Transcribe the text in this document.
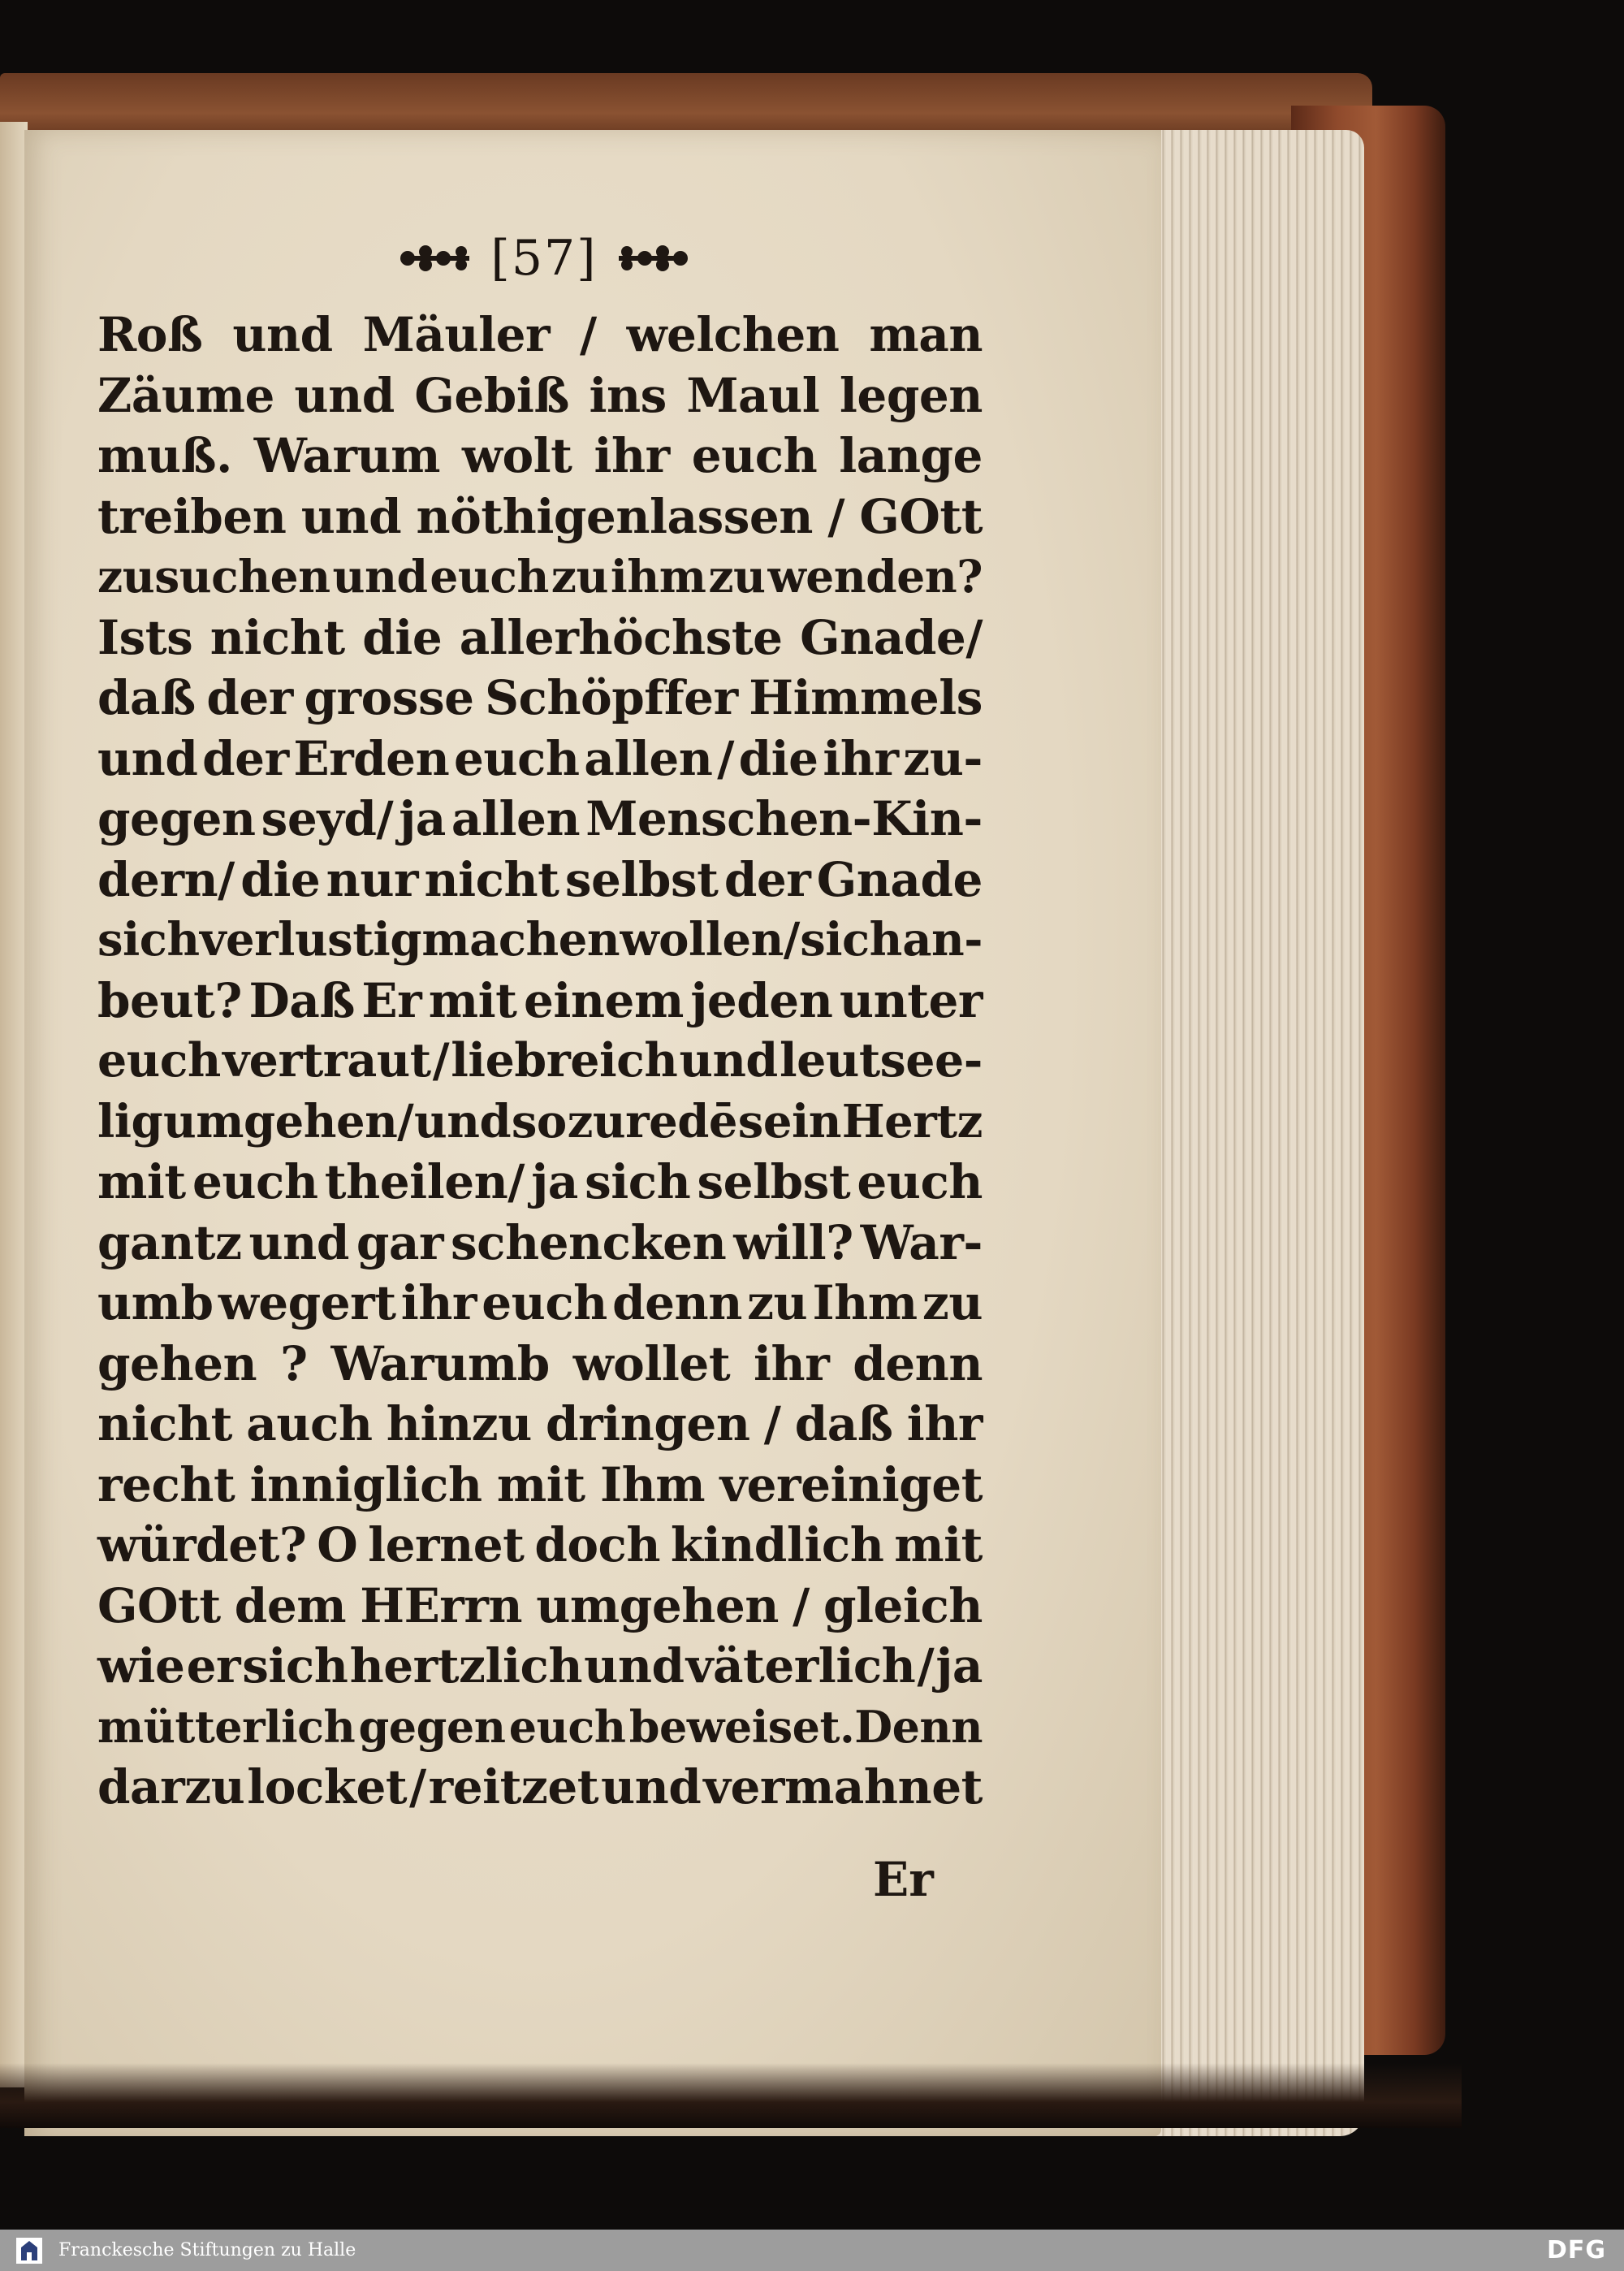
[57]
Roß und Mäuler / welchen man
Zäume und Gebiß ins Maul legen
muß. Warum wolt ihr euch lange
treiben und nöthigenlassen / GOtt
zusuchen und euch zu ihm zu wenden?
Ists nicht die allerhöchste Gnade/
daß der grosse Schöpffer Himmels
und der Erden euch allen / die ihr zu-
gegen seyd/ ja allen Menschen-Kin-
dern/ die nur nicht selbst der Gnade
sich verlustig machen wollen/ sich an-
beut? Daß Er mit einem jeden unter
euch vertraut / liebreich und leutsee-
lig umgehen/ und so zuredē sein Hertz
mit euch theilen/ ja sich selbst euch
gantz und gar schencken will? War-
umb wegert ihr euch denn zu Ihm zu
gehen ? Warumb wollet ihr denn
nicht auch hinzu dringen / daß ihr
recht inniglich mit Ihm vereiniget
würdet? O lernet doch kindlich mit
GOtt dem HErrn umgehen / gleich
wie er sich hertzlich und väterlich / ja
mütterlich gegen euch beweiset.Denn
darzu locket / reitzet und vermahnet
Er
Franckesche Stiftungen zu Halle	DFG
